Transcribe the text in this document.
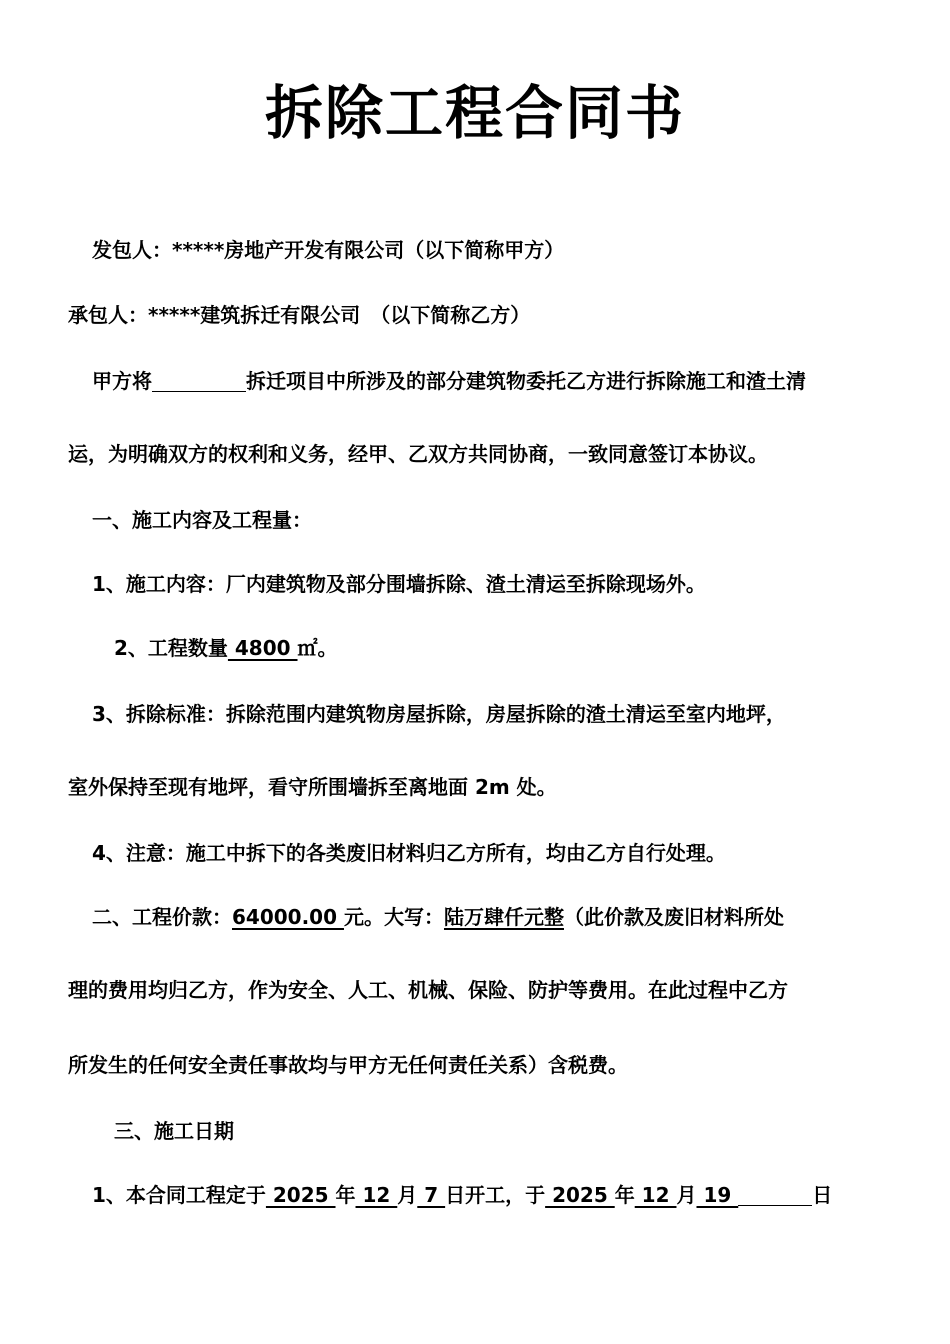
拆除工程合同书
发包人：*****房地产开发有限公司（以下简称甲方）
承包人：*****建筑拆迁有限公司　（以下简称乙方）
甲方将	拆迁项目中所涉及的部分建筑物委托乙方进行拆除施工和渣土清
运，为明确双方的权利和义务，经甲、乙双方共同协商，一致同意签订本协议。
一、施工内容及工程量：
1、施工内容：厂内建筑物及部分围墙拆除、渣土清运至拆除现场外。
2、工程数量 4800 ㎡。
3、拆除标准：拆除范围内建筑物房屋拆除，房屋拆除的渣土清运至室内地坪，
室外保持至现有地坪，看守所围墙拆至离地面 2m 处。
4、注意：施工中拆下的各类废旧材料归乙方所有，均由乙方自行处理。
二、工程价款：64000.00 元。大写：陆万肆仟元整（此价款及废旧材料所处
理的费用均归乙方，作为安全、人工、机械、保险、防护等费用。在此过程中乙方
所发生的任何安全责任事故均与甲方无任何责任关系）含税费。
三、施工日期
1、本合同工程定于 2025 年 12 月 7 日开工，于 2025 年 12 月 19	日
